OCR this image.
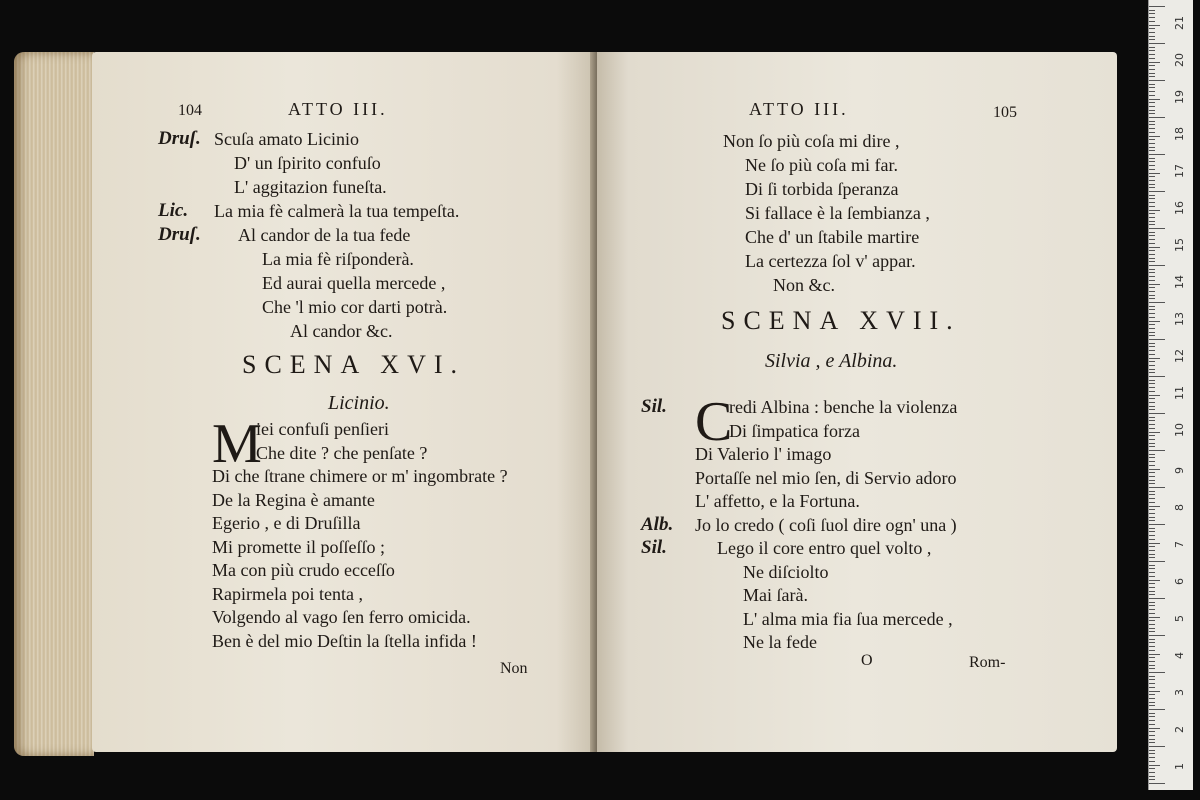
104	ATTO III.
Druſ. Scuſa amato Licinio
D' un ſpirito confuſo
L' aggitazion funeſta.
Lic. La mia fè calmerà la tua tempeſta.
Druſ. Al candor de la tua fede
La mia fè riſponderà.
Ed aurai quella mercede ,
Che 'l mio cor darti potrà.
Al candor &c.
SCENA XVI.
Licinio.
M
iei confuſi penſieri
Che dite ? che penſate ?
Di che ſtrane chimere or m' ingombrate ?
De la Regina è amante
Egerio , e di Druſilla
Mi promette il poſſeſſo ;
Ma con più crudo ecceſſo
Rapirmela poi tenta ,
Volgendo al vago ſen ferro omicida.
Ben è del mio Deſtin la ſtella infida !
Non
ATTO III.	105
Non ſo più coſa mi dire ,
Ne ſo più coſa mi far.
Di ſi torbida ſperanza
Si fallace è la ſembianza ,
Che d' un ſtabile martire
La certezza ſol v' appar.
Non &c.
SCENA XVII.
Silvia , e Albina.
C
Sil.	redi Albina : benche la violenza
Di ſimpatica forza
Di Valerio l' imago
Portaſſe nel mio ſen, di Servio adoro
L' affetto, e la Fortuna.
Alb. Jo lo credo ( coſi ſuol dire ogn' una )
Sil.	Lego il core entro quel volto ,
Ne diſciolto
Mai ſarà.
L' alma mia fia ſua mercede ,
Ne la fede
O	Rom-
21
20
19
18
17
16
15
14
13
12
11
10
9
8
7
6
5
4
3
2
1
